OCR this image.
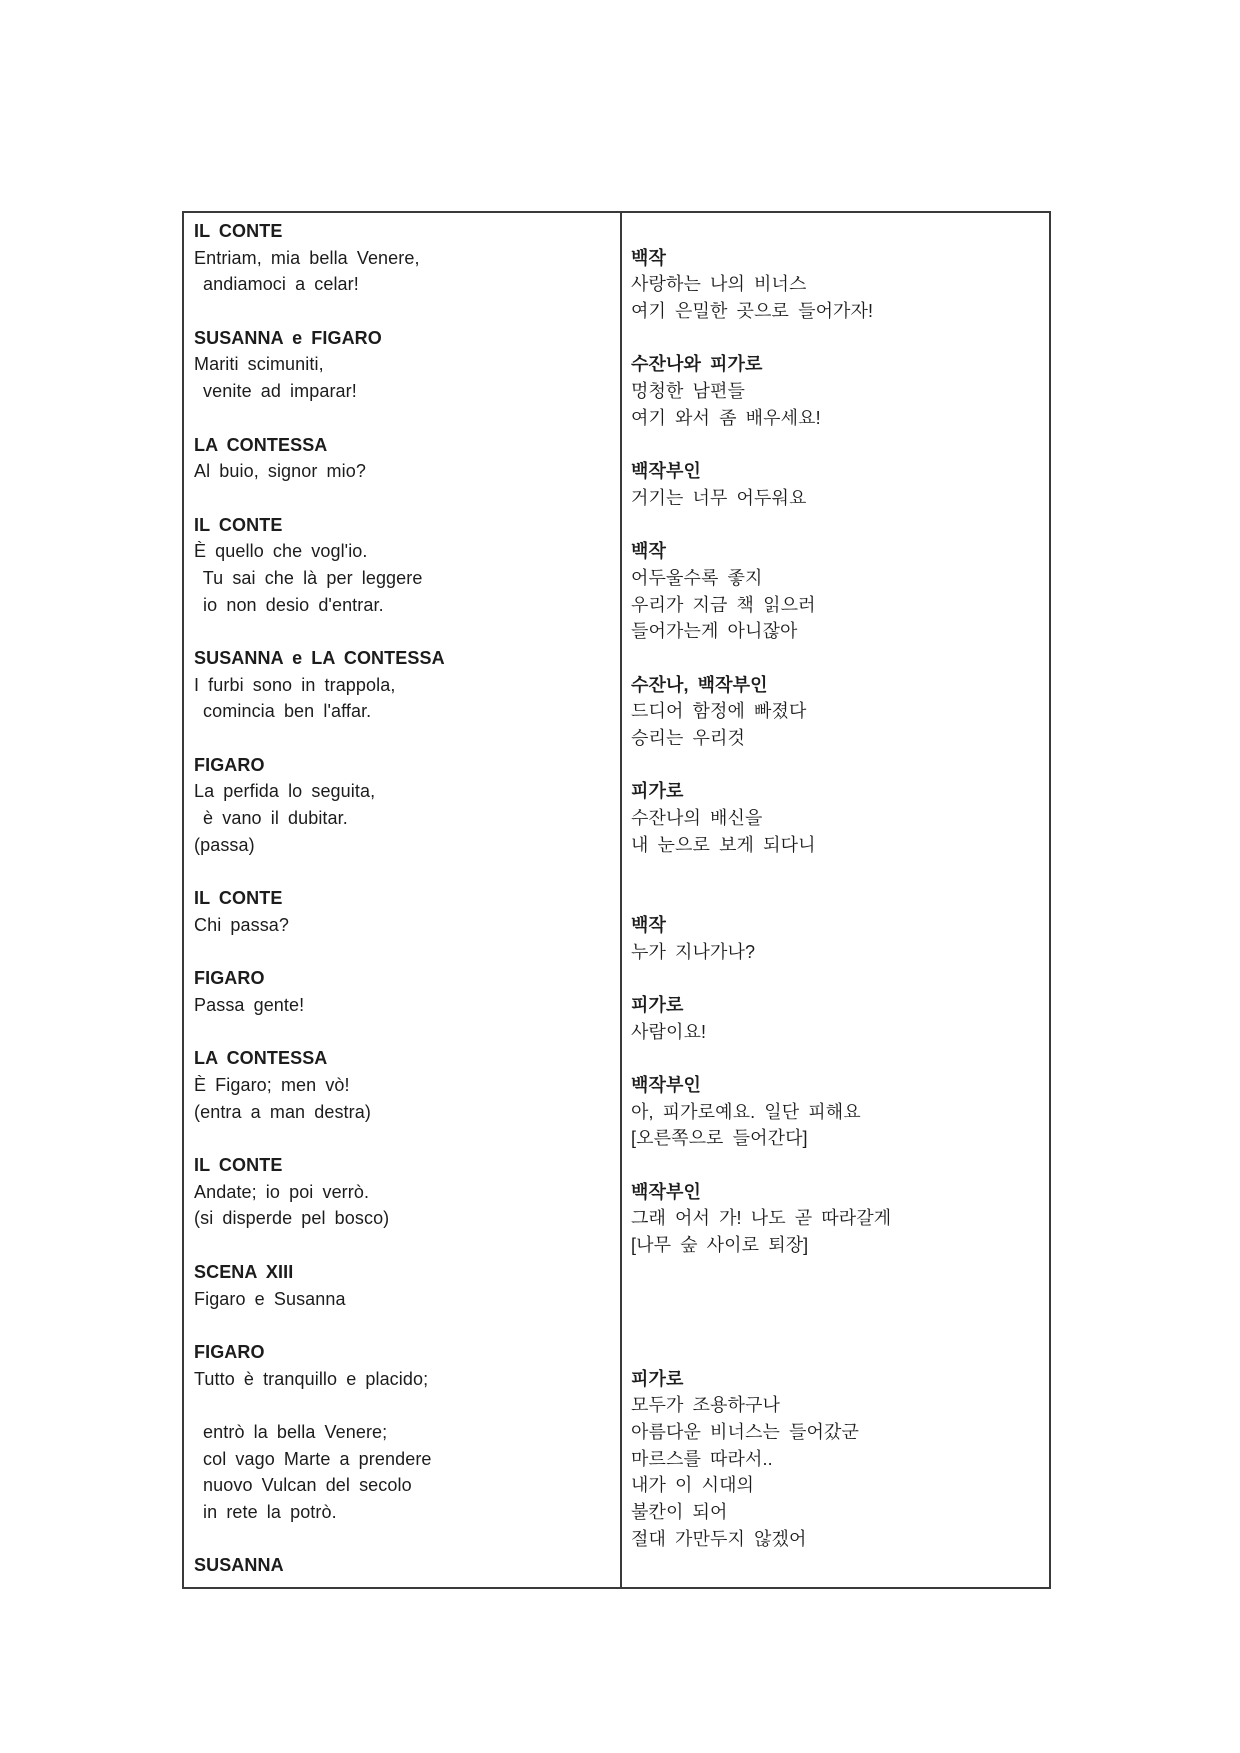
IL CONTE
Entriam, mia bella Venere,
andiamoci a celar!

SUSANNA e FIGARO
Mariti scimuniti,
venite ad imparar!

LA CONTESSA
Al buio, signor mio?

IL CONTE
È quello che vogl'io.
Tu sai che là per leggere
io non desio d'entrar.

SUSANNA e LA CONTESSA
I furbi sono in trappola,
comincia ben l'affar.

FIGARO
La perfida lo seguita,
è vano il dubitar.
(passa)

IL CONTE
Chi passa?

FIGARO
Passa gente!

LA CONTESSA
È Figaro; men vò!
(entra a man destra)

IL CONTE
Andate; io poi verrò.
(si disperde pel bosco)

SCENA XIII
Figaro e Susanna

FIGARO
Tutto è tranquillo e placido;

entrò la bella Venere;
col vago Marte a prendere
nuovo Vulcan del secolo
in rete la potrò.

SUSANNA

백작
사랑하는 나의 비너스
여기 은밀한 곳으로 들어가자!

수잔나와 피가로
멍청한 남편들
여기 와서 좀 배우세요!

백작부인
거기는 너무 어두워요

백작
어두울수록 좋지
우리가 지금 책 읽으러
들어가는게 아니잖아

수잔나, 백작부인
드디어 함정에 빠졌다
승리는 우리것

피가로
수잔나의 배신을
내 눈으로 보게 되다니

백작
누가 지나가나?

피가로
사람이요!

백작부인
아, 피가로예요. 일단 피해요
[오른쪽으로 들어간다]

백작부인
그래 어서 가! 나도 곧 따라갈게
[나무 숲 사이로 퇴장]

피가로
모두가 조용하구나
아름다운 비너스는 들어갔군
마르스를 따라서..
내가 이 시대의
불칸이 되어
절대 가만두지 않겠어
